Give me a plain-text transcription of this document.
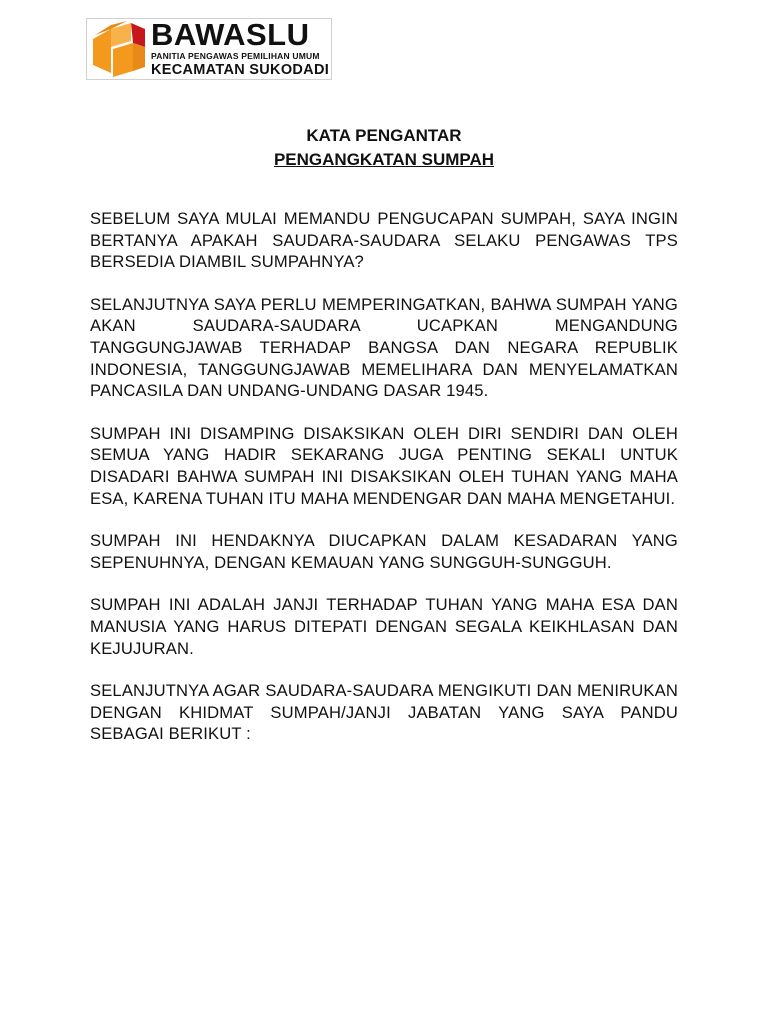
BAWASLU
PANITIA PENGAWAS PEMILIHAN UMUM
KECAMATAN SUKODADI
KATA PENGANTAR
PENGANGKATAN SUMPAH

SEBELUM SAYA MULAI MEMANDU PENGUCAPAN SUMPAH, SAYA INGIN BERTANYA APAKAH SAUDARA-SAUDARA SELAKU PENGAWAS TPS BERSEDIA DIAMBIL SUMPAHNYA?

SELANJUTNYA SAYA PERLU MEMPERINGATKAN, BAHWA SUMPAH YANG AKAN SAUDARA-SAUDARA UCAPKAN MENGANDUNG TANGGUNGJAWAB TERHADAP BANGSA DAN NEGARA REPUBLIK INDONESIA, TANGGUNGJAWAB MEMELIHARA DAN MENYELAMATKAN PANCASILA DAN UNDANG-UNDANG DASAR 1945.

SUMPAH INI DISAMPING DISAKSIKAN OLEH DIRI SENDIRI DAN OLEH SEMUA YANG HADIR SEKARANG JUGA PENTING SEKALI UNTUK DISADARI BAHWA SUMPAH INI DISAKSIKAN OLEH TUHAN YANG MAHA ESA, KARENA TUHAN ITU MAHA MENDENGAR DAN MAHA MENGETAHUI.

SUMPAH INI HENDAKNYA DIUCAPKAN DALAM KESADARAN YANG SEPENUHNYA, DENGAN KEMAUAN YANG SUNGGUH-SUNGGUH.

SUMPAH INI ADALAH JANJI TERHADAP TUHAN YANG MAHA ESA DAN MANUSIA YANG HARUS DITEPATI DENGAN SEGALA KEIKHLASAN DAN KEJUJURAN.

SELANJUTNYA AGAR SAUDARA-SAUDARA MENGIKUTI DAN MENIRUKAN DENGAN KHIDMAT SUMPAH/JANJI JABATAN YANG SAYA PANDU SEBAGAI BERIKUT :
